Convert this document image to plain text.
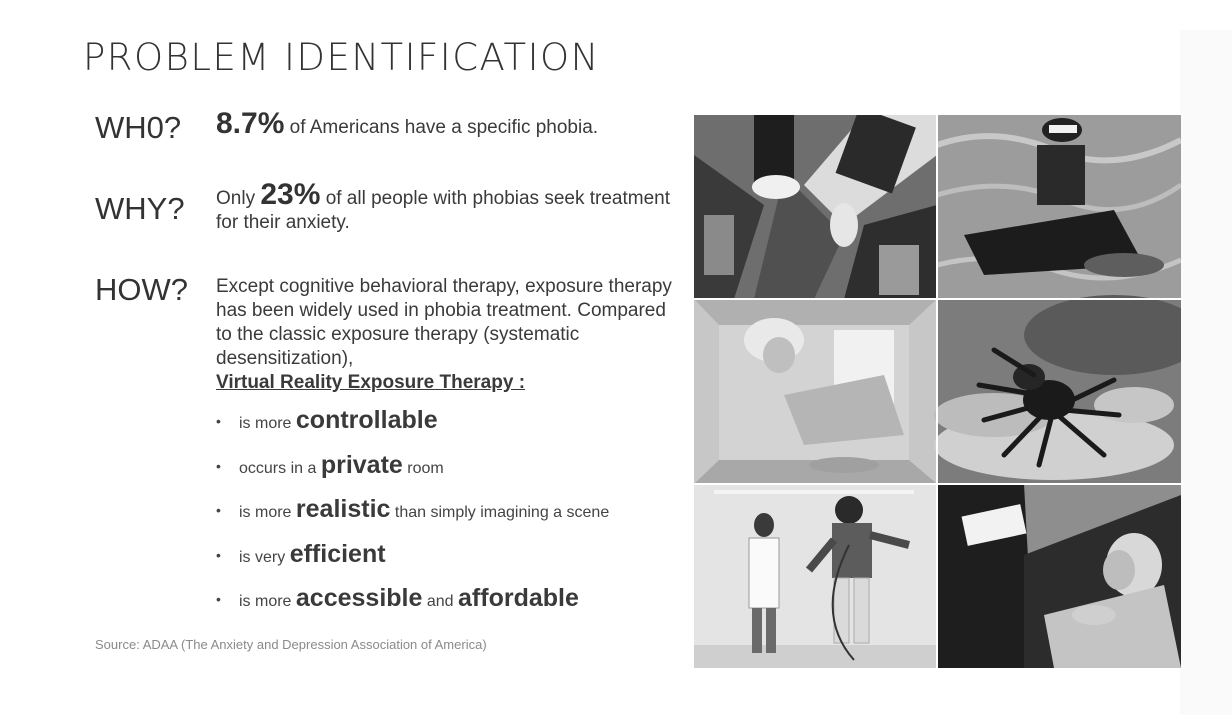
PROBLEM IDENTIFICATION
WH0? 8.7% of Americans have a specific phobia.
WHY? Only 23% of all people with phobias seek treatment for their anxiety.
HOW? Except cognitive behavioral therapy, exposure therapy has been widely used in phobia treatment. Compared to the classic exposure therapy (systematic desensitization),
Virtual Reality Exposure Therapy :
• is more controllable
• occurs in a private room
• is more realistic than simply imagining a scene
• is very efficient
• is more accessible and affordable
Source: ADAA (The Anxiety and Depression Association of America)
